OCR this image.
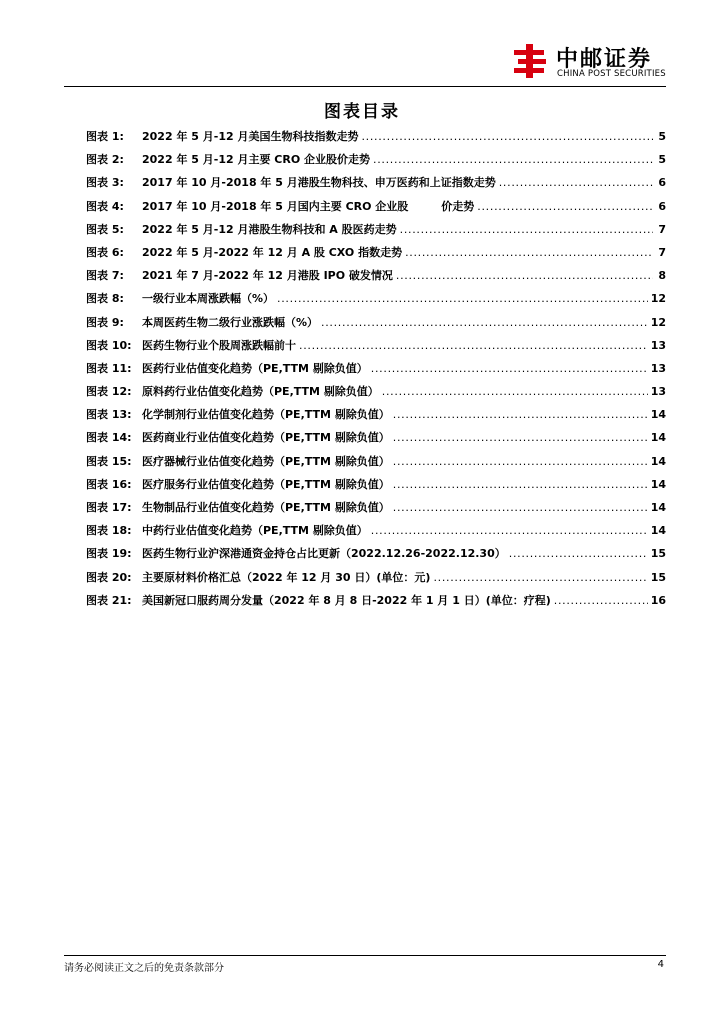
中邮证券
CHINA POST SECURITIES
图表目录
图表 1:	2022 年 5 月-12 月美国生物科技指数走势 . . .	5
图表 2:	2022 年 5 月-12 月主要 CRO 企业股价走势 . . .	5
图表 3:	2017 年 10 月-2018 年 5 月港股生物科技、申万医药和上证指数走势 . . .	6
图表 4:	2017 年 10 月-2018 年 5 月国内主要 CRO 企业股　　　价走势 . . .	6
图表 5:	2022 年 5 月-12 月港股生物科技和 A 股医药走势 . . .	7
图表 6:	2022 年 5 月-2022 年 12 月 A 股 CXO 指数走势 . . .	7
图表 7:	2021 年 7 月-2022 年 12 月港股 IPO 破发情况 . . .	8
图表 8:	一级行业本周涨跌幅（%） . . .	12
图表 9:	本周医药生物二级行业涨跌幅（%） . . .	12
图表 10: 医药生物行业个股周涨跌幅前十 . . .	13
图表 11: 医药行业估值变化趋势（PE,TTM 剔除负值） . . .	13
图表 12: 原料药行业估值变化趋势（PE,TTM 剔除负值） . . .	13
图表 13: 化学制剂行业估值变化趋势（PE,TTM 剔除负值） . . .	14
图表 14: 医药商业行业估值变化趋势（PE,TTM 剔除负值） . . .	14
图表 15: 医疗器械行业估值变化趋势（PE,TTM 剔除负值） . . .	14
图表 16: 医疗服务行业估值变化趋势（PE,TTM 剔除负值） . . .	14
图表 17: 生物制品行业估值变化趋势（PE,TTM 剔除负值） . . .	14
图表 18: 中药行业估值变化趋势（PE,TTM 剔除负值） . . .	14
图表 19: 医药生物行业沪深港通资金持仓占比更新（2022.12.26-2022.12.30） . . .	15
图表 20: 主要原材料价格汇总（2022 年 12 月 30 日）(单位：元) . . .	15
图表 21: 美国新冠口服药周分发量（2022 年 8 月 8 日-2022 年 1 月 1 日）(单位：疗程) . . .	16
请务必阅读正文之后的免责条款部分	4
